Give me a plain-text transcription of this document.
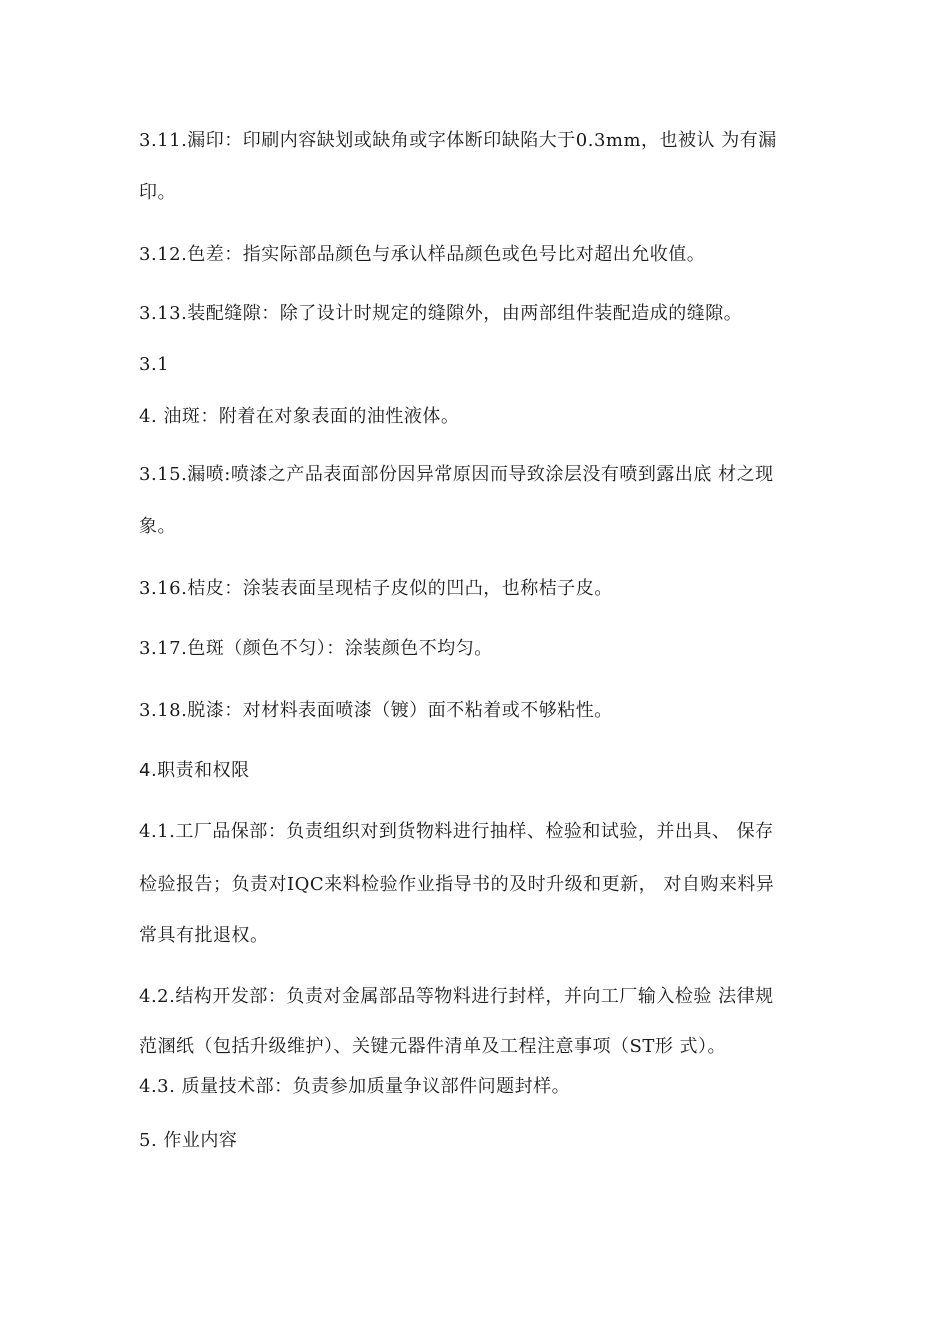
3.11.漏印：印刷内容缺划或缺角或字体断印缺陷大于0.3mm，也被认 为有漏
印。
3.12.色差：指实际部品颜色与承认样品颜色或色号比对超出允收值。
3.13.装配缝隙：除了设计时规定的缝隙外，由两部组件装配造成的缝隙。
3.1
4. 油斑：附着在对象表面的油性液体。
3.15.漏喷:喷漆之产品表面部份因异常原因而导致涂层没有喷到露出底 材之现
象。
3.16.桔皮：涂装表面呈现桔子皮似的凹凸，也称桔子皮。
3.17.色斑（颜色不匀）：涂装颜色不均匀。
3.18.脱漆：对材料表面喷漆（镀）面不粘着或不够粘性。
4.职责和权限
4.1.工厂品保部：负责组织对到货物料进行抽样、检验和试验，并出具、 保存
检验报告；负责对IQC来料检验作业指导书的及时升级和更新， 对自购来料异
常具有批退权。
4.2.结构开发部：负责对金属部品等物料进行封样，并向工厂输入检验 法律规
范溷纸（包括升级维护）、关键元器件清单及工程注意事项（ST形 式）。
4.3. 质量技术部：负责参加质量争议部件问题封样。
5. 作业内容
